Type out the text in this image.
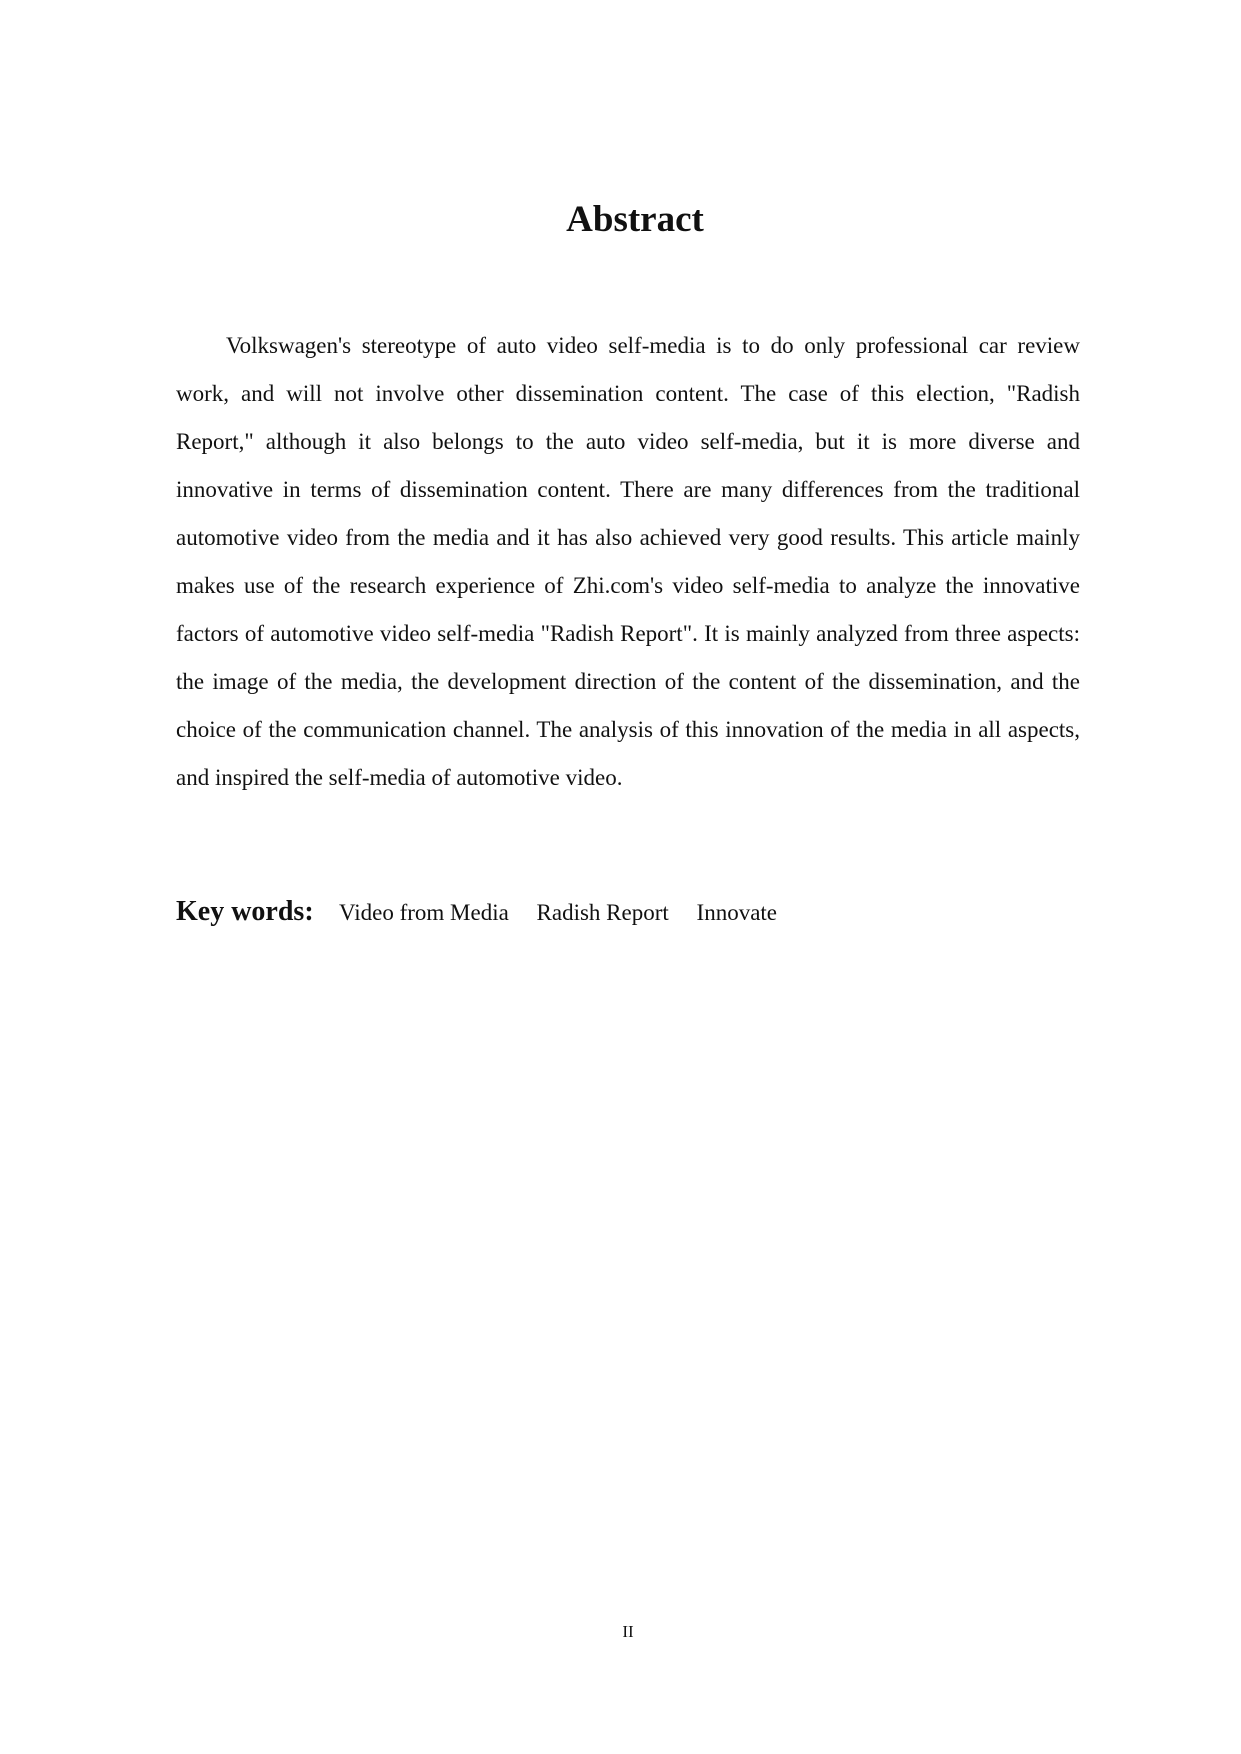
Abstract

Volkswagen's stereotype of auto video self-media is to do only professional car review work, and will not involve other dissemination content. The case of this election, "Radish Report," although it also belongs to the auto video self-media, but it is more diverse and innovative in terms of dissemination content. There are many differences from the traditional automotive video from the media and it has also achieved very good results. This article mainly makes use of the research experience of Zhi.com's video self-media to analyze the innovative factors of automotive video self-media "Radish Report". It is mainly analyzed from three aspects: the image of the media, the development direction of the content of the dissemination, and the choice of the communication channel. The analysis of this innovation of the media in all aspects, and inspired the self-media of automotive video.

Key words: Video from Media Radish Report Innovate

II
